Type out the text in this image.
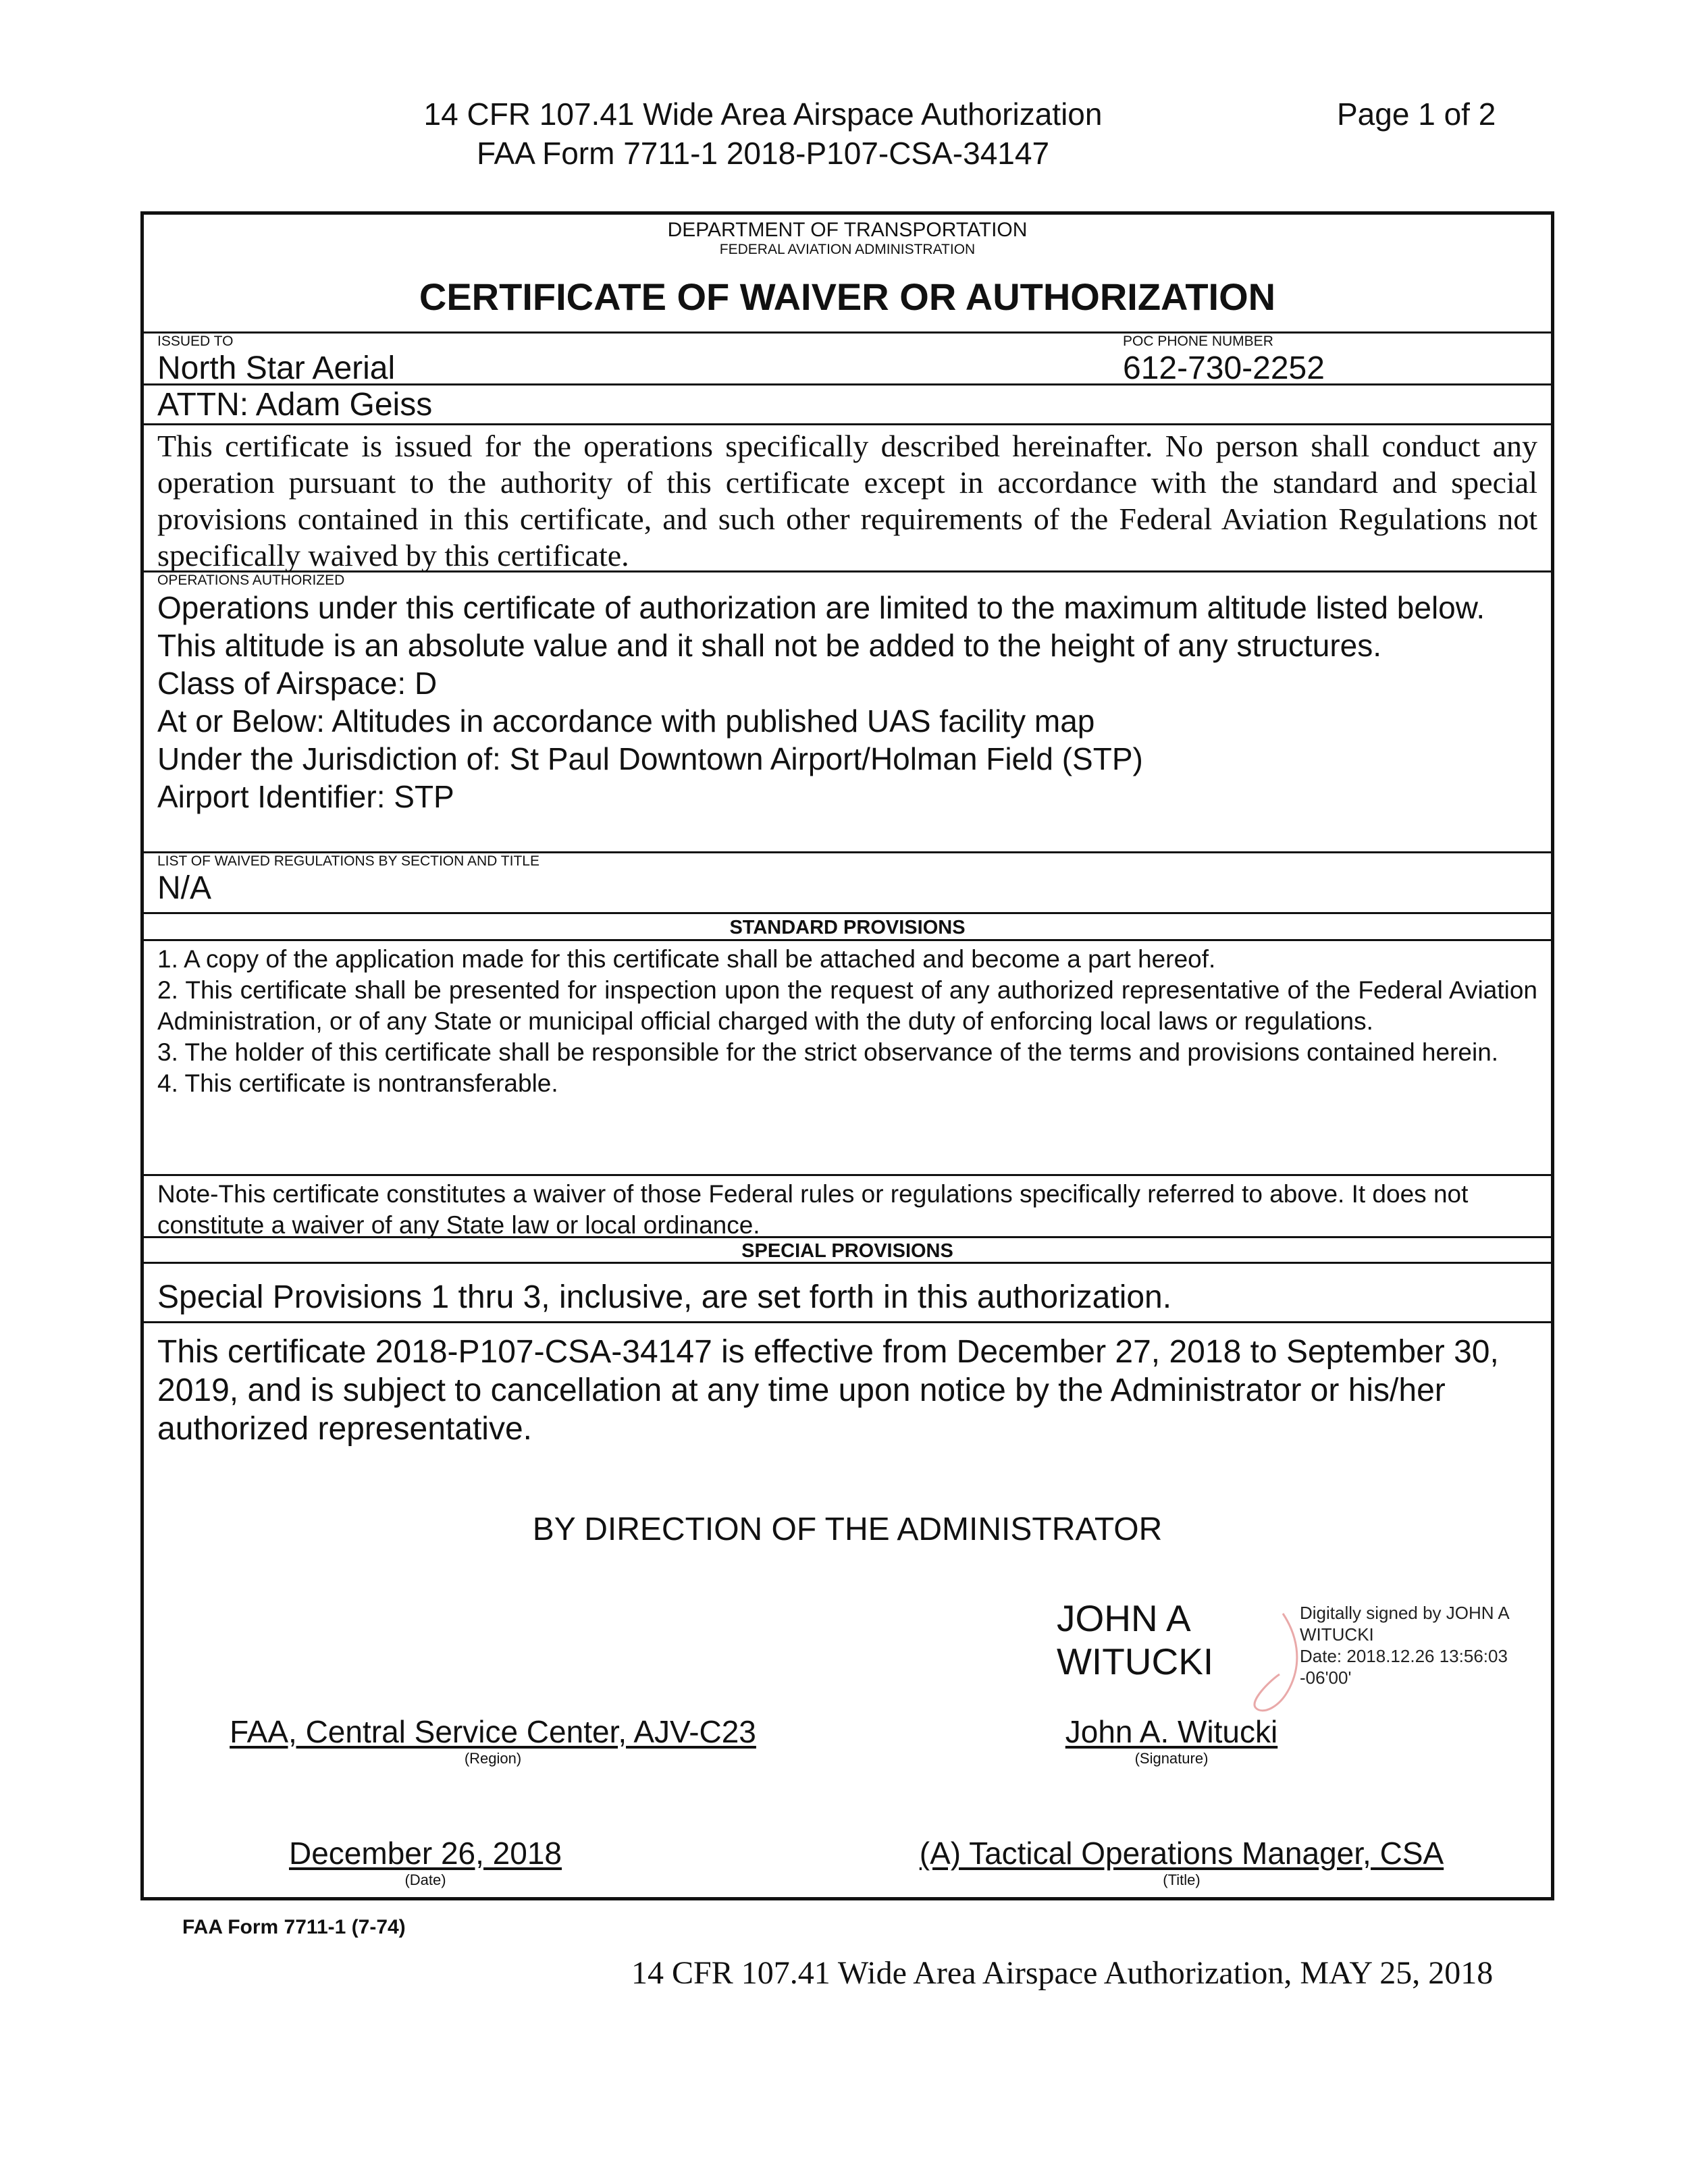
14 CFR 107.41 Wide Area Airspace Authorization
FAA Form 7711-1 2018-P107-CSA-34147
Page 1 of 2
DEPARTMENT OF TRANSPORTATION
FEDERAL AVIATION ADMINISTRATION
CERTIFICATE OF WAIVER OR AUTHORIZATION
ISSUED TO
North Star Aerial
POC PHONE NUMBER
612-730-2252
ATTN: Adam Geiss
This certificate is issued for the operations specifically described hereinafter. No person shall conduct any operation pursuant to the authority of this certificate except in accordance with the standard and special provisions contained in this certificate, and such other requirements of the Federal Aviation Regulations not specifically waived by this certificate.
OPERATIONS AUTHORIZED
Operations under this certificate of authorization are limited to the maximum altitude listed below. This altitude is an absolute value and it shall not be added to the height of any structures.
Class of Airspace: D
At or Below: Altitudes in accordance with published UAS facility map
Under the Jurisdiction of: St Paul Downtown Airport/Holman Field (STP)
Airport Identifier: STP
LIST OF WAIVED REGULATIONS BY SECTION AND TITLE
N/A
STANDARD PROVISIONS
1. A copy of the application made for this certificate shall be attached and become a part hereof.
2. This certificate shall be presented for inspection upon the request of any authorized representative of the Federal Aviation Administration, or of any State or municipal official charged with the duty of enforcing local laws or regulations.
3. The holder of this certificate shall be responsible for the strict observance of the terms and provisions contained herein.
4. This certificate is nontransferable.
Note-This certificate constitutes a waiver of those Federal rules or regulations specifically referred to above. It does not constitute a waiver of any State law or local ordinance.
SPECIAL PROVISIONS
Special Provisions 1 thru 3, inclusive, are set forth in this authorization.
This certificate 2018-P107-CSA-34147 is effective from December 27, 2018 to September 30, 2019, and is subject to cancellation at any time upon notice by the Administrator or his/her authorized representative.
BY DIRECTION OF THE ADMINISTRATOR
JOHN A
WITUCKI
Digitally signed by JOHN A
WITUCKI
Date: 2018.12.26 13:56:03
-06'00'
FAA, Central Service Center, AJV-C23
(Region)
John A. Witucki
(Signature)
December 26, 2018
(Date)
(A) Tactical Operations Manager, CSA
(Title)
FAA Form 7711-1 (7-74)
14 CFR 107.41 Wide Area Airspace Authorization, MAY 25, 2018
